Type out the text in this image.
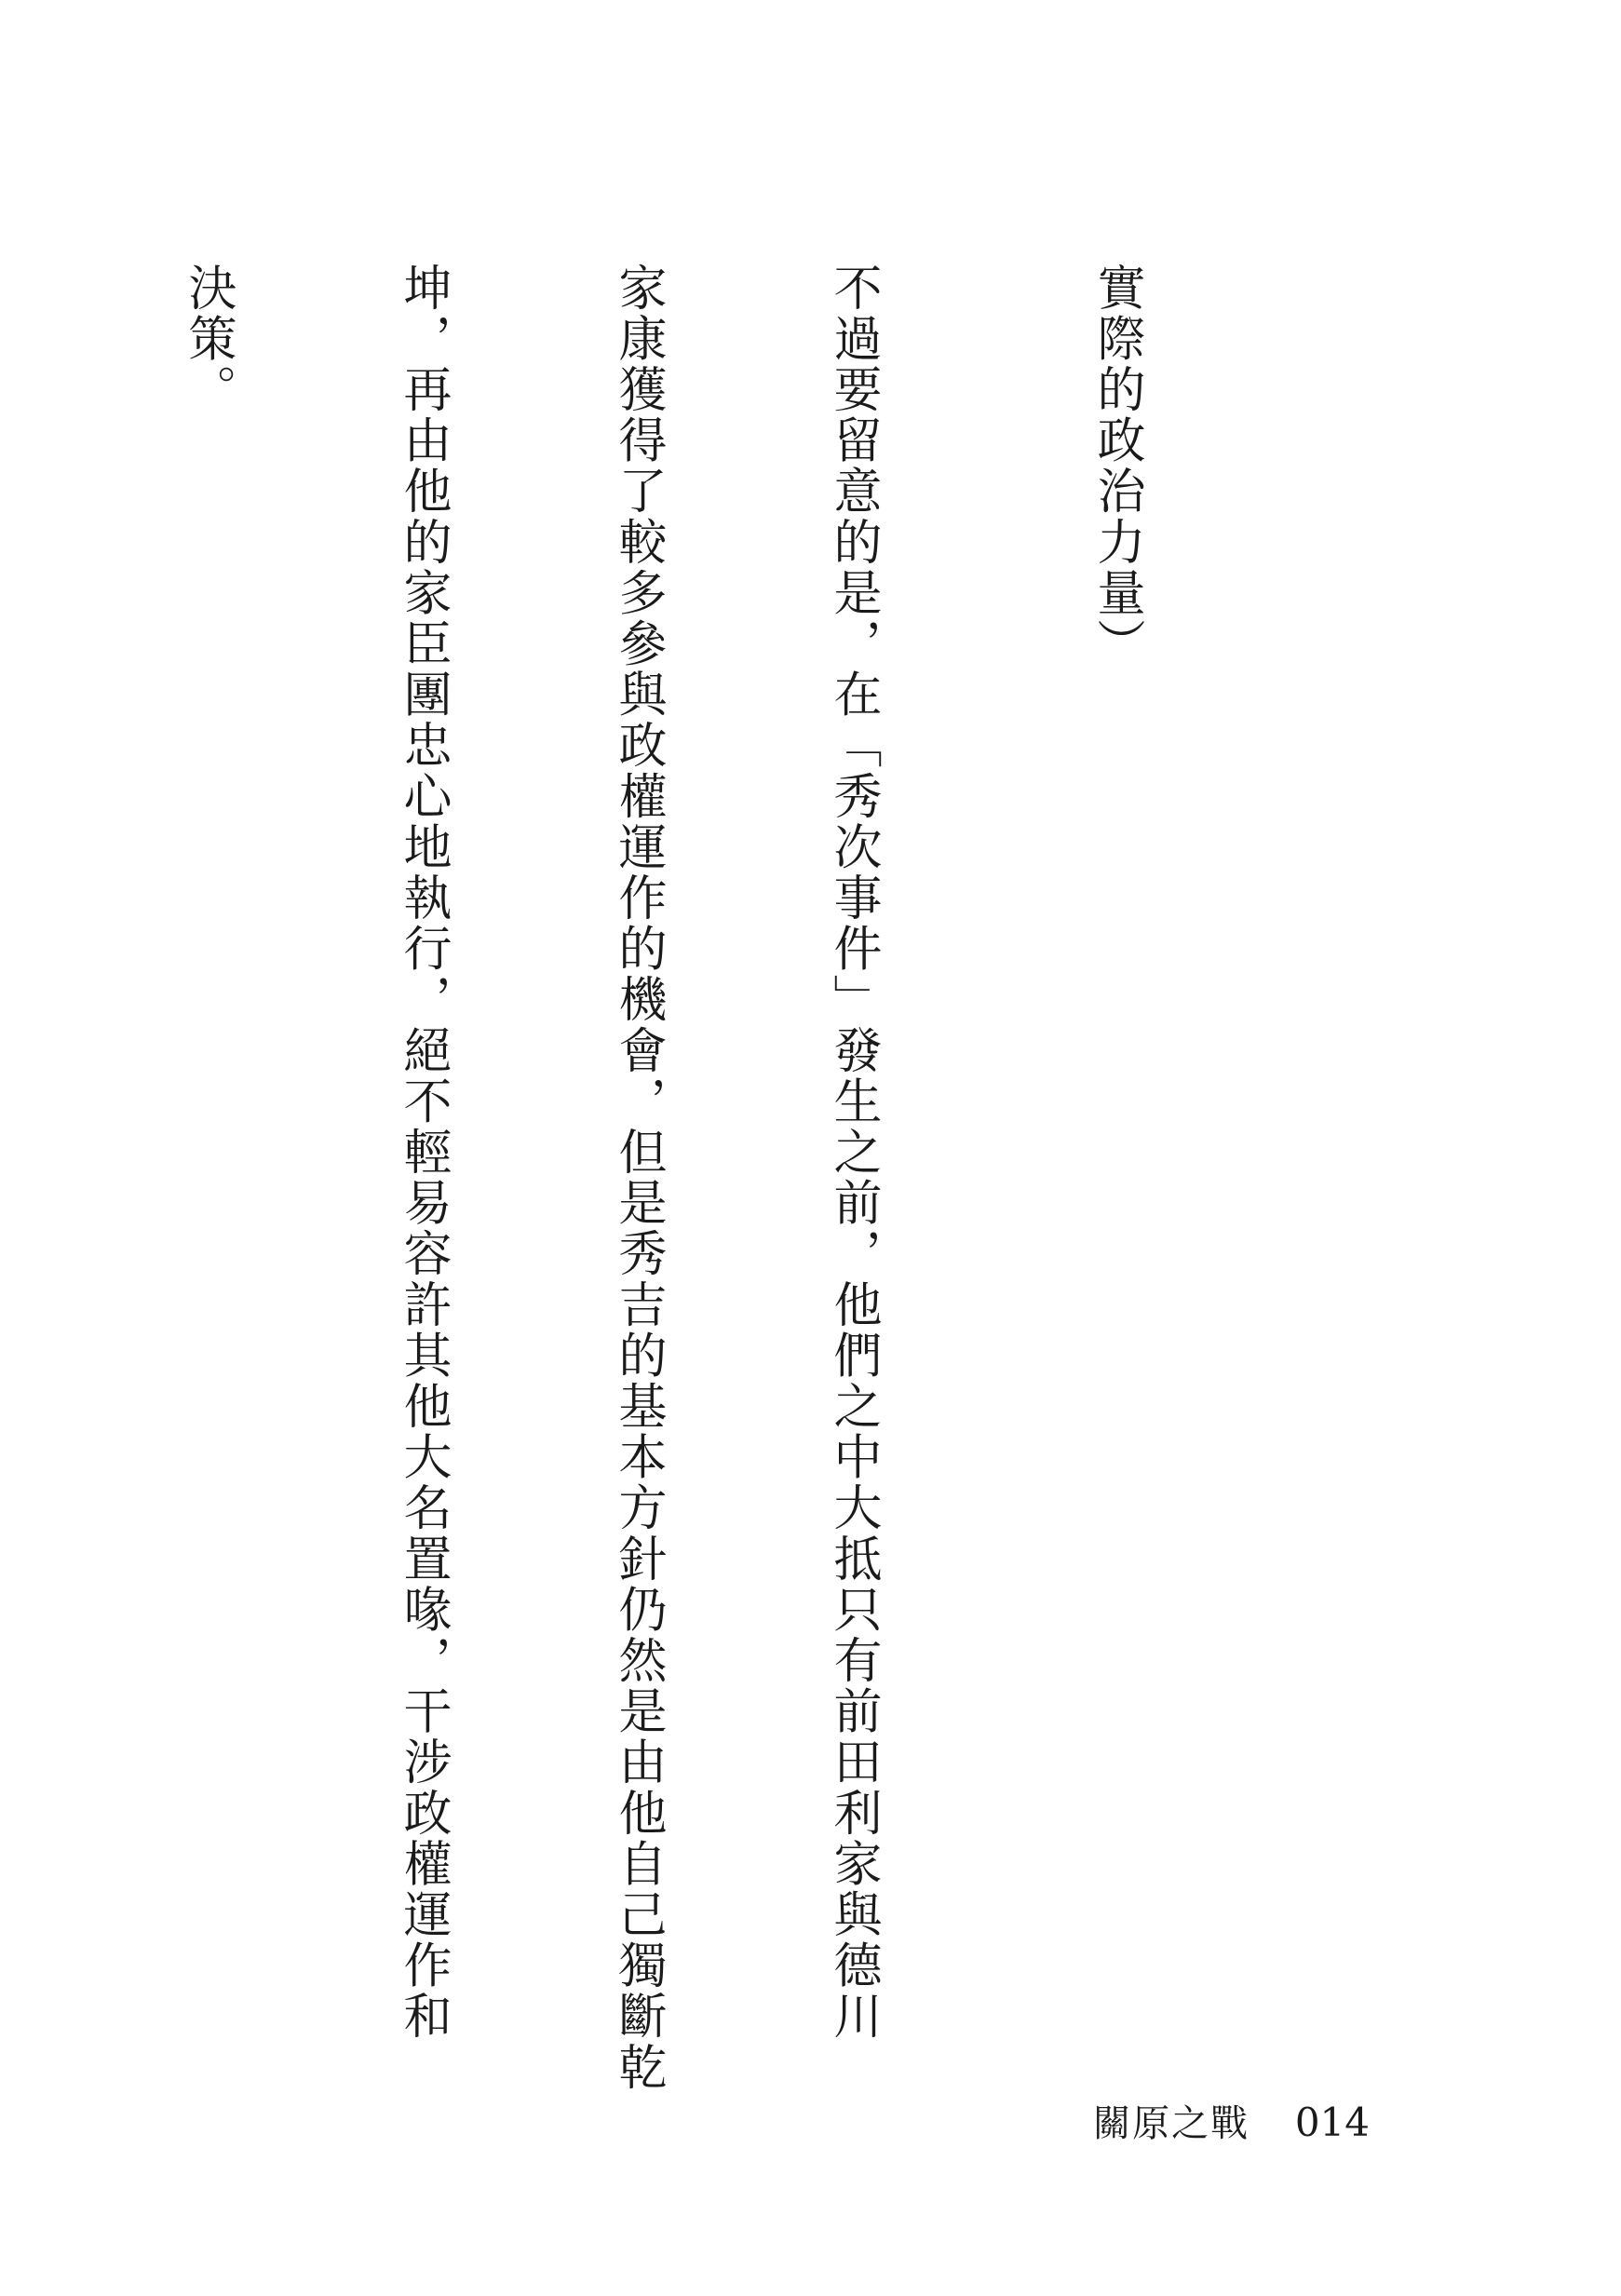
實際的政治力量）

不過要留意的是，在「秀次事件」發生之前，他們之中大抵只有前田利家與德川

家康獲得了較多參與政權運作的機會，但是秀吉的基本方針仍然是由他自己獨斷乾

坤，再由他的家臣團忠心地執行，絕不輕易容許其他大名置喙，干涉政權運作和

決策。

關原之戰 014
